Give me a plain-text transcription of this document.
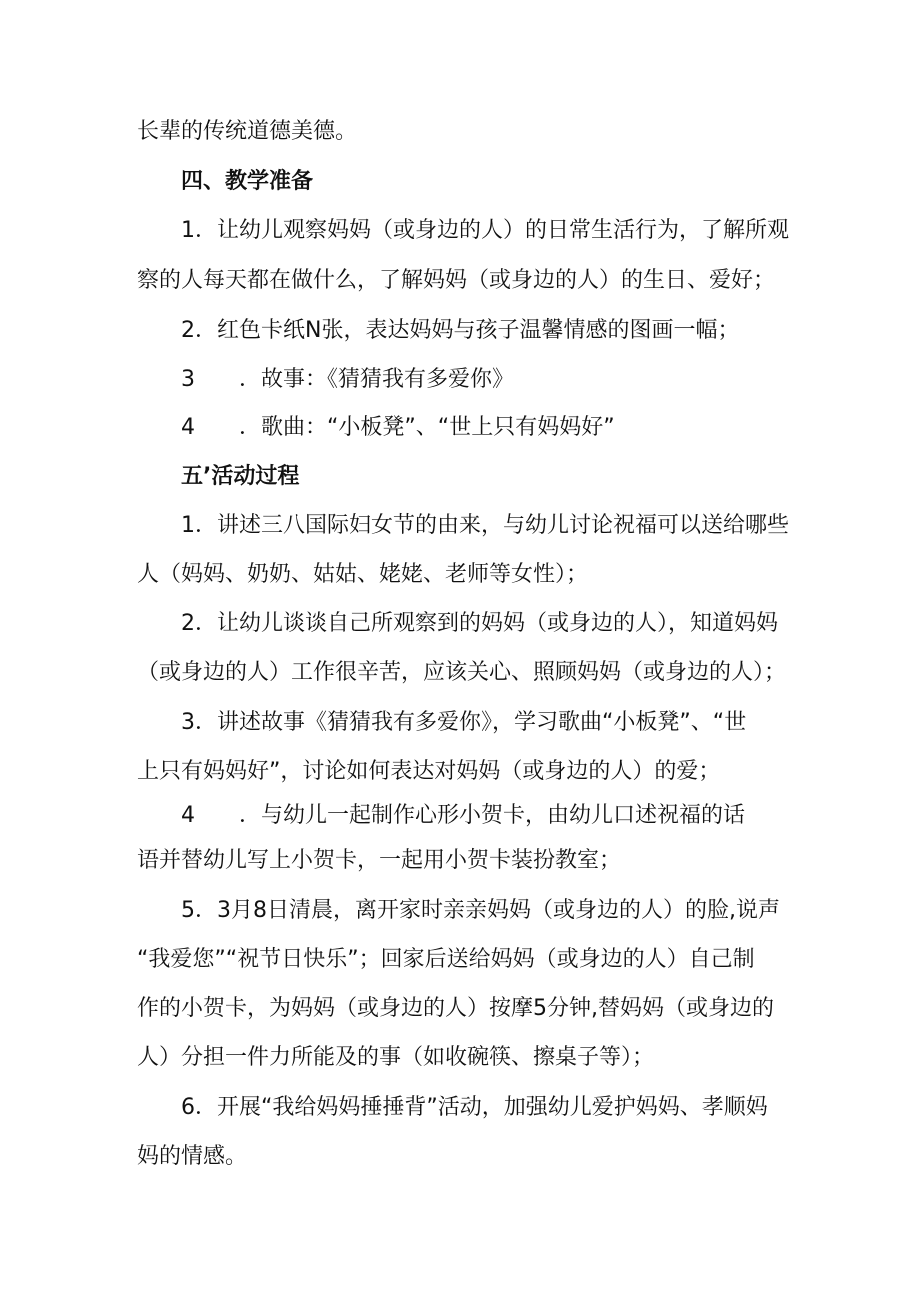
长辈的传统道德美德。

四、教学准备

1．让幼儿观察妈妈（或身边的人）的日常生活行为，了解所观

察的人每天都在做什么，了解妈妈（或身边的人）的生日、爱好；

2．红色卡纸N张，表达妈妈与孩子温馨情感的图画一幅；

3 ．故事：《猜猜我有多爱你》

4 ．歌曲：“小板凳”、“世上只有妈妈好”

五’活动过程

1．讲述三八国际妇女节的由来，与幼儿讨论祝福可以送给哪些

人（妈妈、奶奶、姑姑、姥姥、老师等女性）；

2．让幼儿谈谈自己所观察到的妈妈（或身边的人），知道妈妈

（或身边的人）工作很辛苦，应该关心、照顾妈妈（或身边的人）；

3．讲述故事《猜猜我有多爱你》，学习歌曲“小板凳”、“世

上只有妈妈好”，讨论如何表达对妈妈（或身边的人）的爱；

4 ．与幼儿一起制作心形小贺卡，由幼儿口述祝福的话

语并替幼儿写上小贺卡，一起用小贺卡装扮教室；

5．3月8日清晨，离开家时亲亲妈妈（或身边的人）的脸,说声

“我爱您”“祝节日快乐”；回家后送给妈妈（或身边的人）自己制

作的小贺卡，为妈妈（或身边的人）按摩5分钟,替妈妈（或身边的

人）分担一件力所能及的事（如收碗筷、擦桌子等）；

6．开展“我给妈妈捶捶背”活动，加强幼儿爱护妈妈、孝顺妈

妈的情感。
